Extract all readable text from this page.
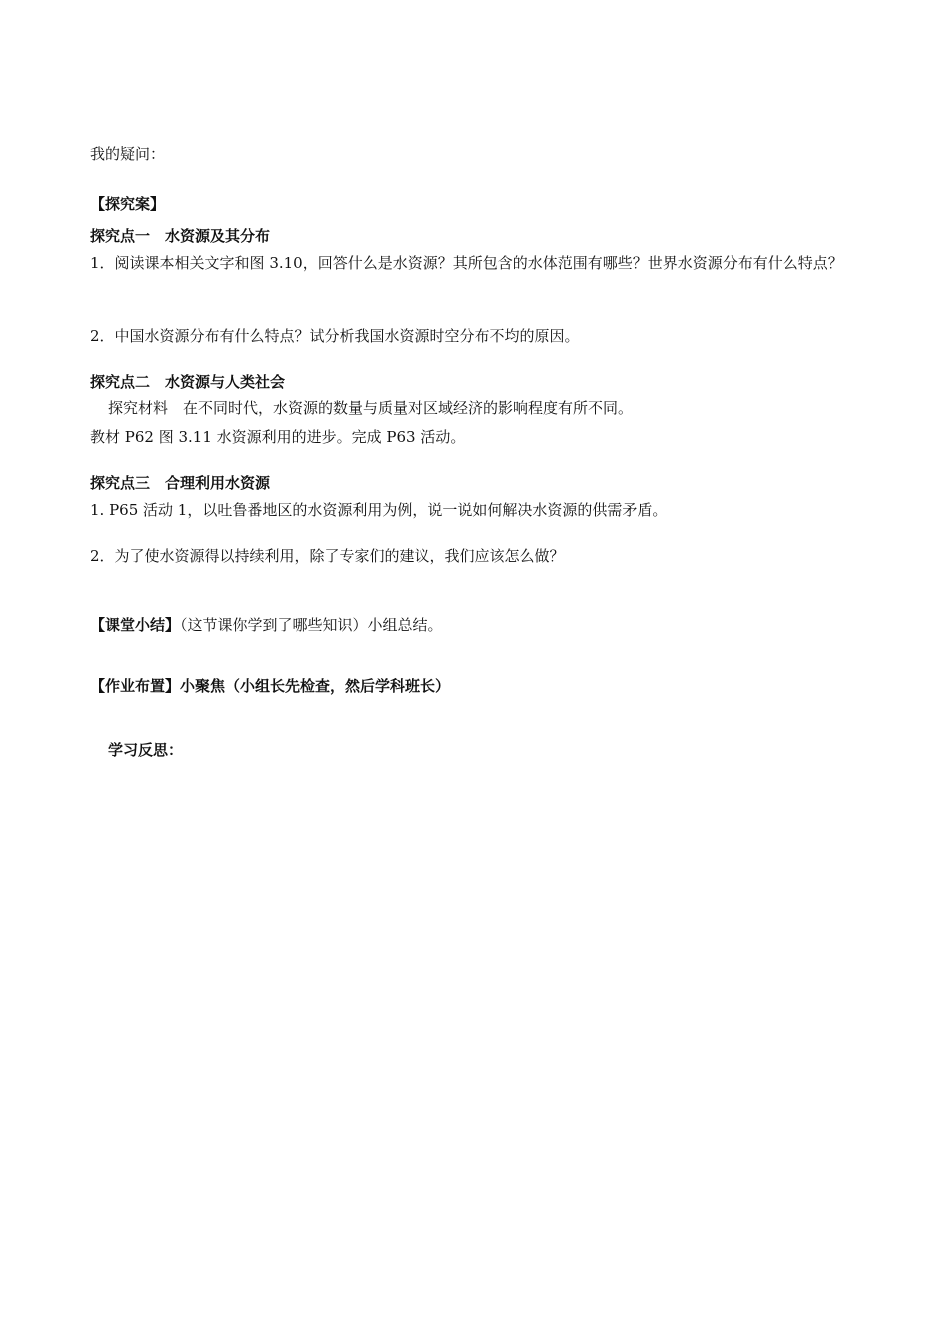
我的疑问：
【探究案】
探究点一　水资源及其分布
1．阅读课本相关文字和图 3.10，回答什么是水资源？其所包含的水体范围有哪些？世界水资源分布有什么特点？
2．中国水资源分布有什么特点？试分析我国水资源时空分布不均的原因。
探究点二　水资源与人类社会
探究材料　在不同时代，水资源的数量与质量对区域经济的影响程度有所不同。
教材 P62 图 3.11 水资源利用的进步。完成 P63 活动。
探究点三　合理利用水资源
1. P65 活动 1，以吐鲁番地区的水资源利用为例，说一说如何解决水资源的供需矛盾。
2．为了使水资源得以持续利用，除了专家们的建议，我们应该怎么做？
【课堂小结】（这节课你学到了哪些知识）小组总结。
【作业布置】小聚焦（小组长先检查，然后学科班长）
学习反思：
